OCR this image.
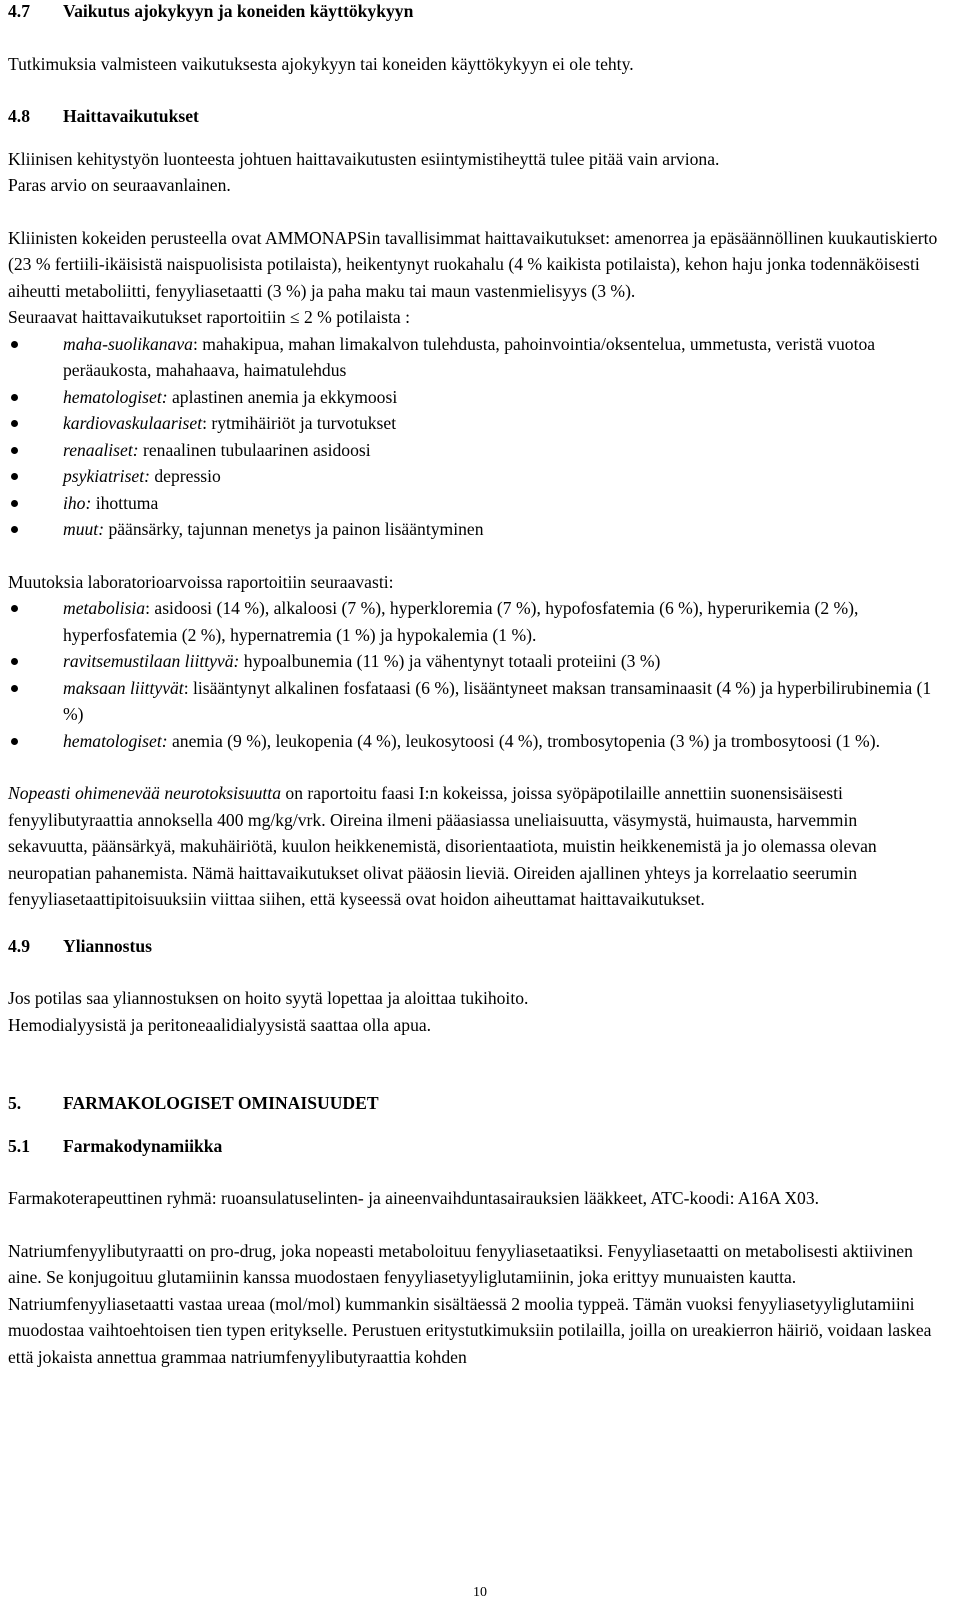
4.7	Vaikutus ajokykyyn ja koneiden käyttökykyyn

Tutkimuksia valmisteen vaikutuksesta ajokykyyn tai koneiden käyttökykyyn ei ole tehty.

4.8	Haittavaikutukset

Kliinisen kehitystyön luonteesta johtuen haittavaikutusten esiintymistiheyttä tulee pitää vain arviona. Paras arvio on seuraavanlainen.

Kliinisten kokeiden perusteella ovat AMMONAPSin tavallisimmat haittavaikutukset: amenorrea ja epäsäännöllinen kuukautiskierto (23 % fertiili-ikäisistä naispuolisista potilaista), heikentynyt ruokahalu (4 % kaikista potilaista), kehon haju jonka todennäköisesti aiheutti metaboliitti, fenyyliasetaatti (3 %) ja paha maku tai maun vastenmielisyys (3 %).

Seuraavat haittavaikutukset raportoitiin ≤ 2 % potilaista :

maha-suolikanava: mahakipua, mahan limakalvon tulehdusta, pahoinvointia/oksentelua, ummetusta, veristä vuotoa peräaukosta, mahahaava, haimatulehdus
hematologiset: aplastinen anemia ja ekkymoosi
kardiovaskulaariset: rytmihäiriöt ja turvotukset
renaaliset: renaalinen tubulaarinen asidoosi
psykiatriset: depressio
iho: ihottuma
muut: päänsärky, tajunnan menetys ja painon lisääntyminen

Muutoksia laboratorioarvoissa raportoitiin seuraavasti:

metabolisia: asidoosi (14 %), alkaloosi (7 %), hyperkloremia (7 %), hypofosfatemia (6 %), hyperurikemia (2 %), hyperfosfatemia (2 %), hypernatremia (1 %) ja hypokalemia (1 %).
ravitsemustilaan liittyvä: hypoalbunemia (11 %) ja vähentynyt totaali proteiini (3 %)
maksaan liittyvät: lisääntynyt alkalinen fosfataasi (6 %), lisääntyneet maksan transaminaasit (4 %) ja hyperbilirubinemia (1 %)
hematologiset: anemia (9 %), leukopenia (4 %), leukosytoosi (4 %), trombosytopenia (3 %) ja trombosytoosi (1 %).

Nopeasti ohimenevää neurotoksisuutta on raportoitu faasi I:n kokeissa, joissa syöpäpotilaille annettiin suonensisäisesti fenyylibutyraattia annoksella 400 mg/kg/vrk. Oireina ilmeni pääasiassa uneliaisuutta, väsymystä, huimausta, harvemmin sekavuutta, päänsärkyä, makuhäiriötä, kuulon heikkenemistä, disorientaatiota, muistin heikkenemistä ja jo olemassa olevan neuropatian pahanemista. Nämä haittavaikutukset olivat pääosin lieviä. Oireiden ajallinen yhteys ja korrelaatio seerumin fenyyliasetaattipitoisuuksiin viittaa siihen, että kyseessä ovat hoidon aiheuttamat haittavaikutukset.

4.9	Yliannostus

Jos potilas saa yliannostuksen on hoito syytä lopettaa ja aloittaa tukihoito.

Hemodialyysistä ja peritoneaalidialyysistä saattaa olla apua.

5.	FARMAKOLOGISET OMINAISUUDET
5.1	Farmakodynamiikka

Farmakoterapeuttinen ryhmä: ruoansulatuselinten- ja aineenvaihduntasairauksien lääkkeet, ATC-koodi: A16A X03.

Natriumfenyylibutyraatti on pro-drug, joka nopeasti metaboloituu fenyyliasetaatiksi. Fenyyliasetaatti on metabolisesti aktiivinen aine. Se konjugoituu glutamiinin kanssa muodostaen fenyyliasetyyliglutamiinin, joka erittyy munuaisten kautta. Natriumfenyyliasetaatti vastaa ureaa (mol/mol) kummankin sisältäessä 2 moolia typpeä. Tämän vuoksi fenyyliasetyyliglutamiini muodostaa vaihtoehtoisen tien typen eritykselle. Perustuen eritystutkimuksiin potilailla, joilla on ureakierron häiriö, voidaan laskea että jokaista annettua grammaa natriumfenyylibutyraattia kohden

10
